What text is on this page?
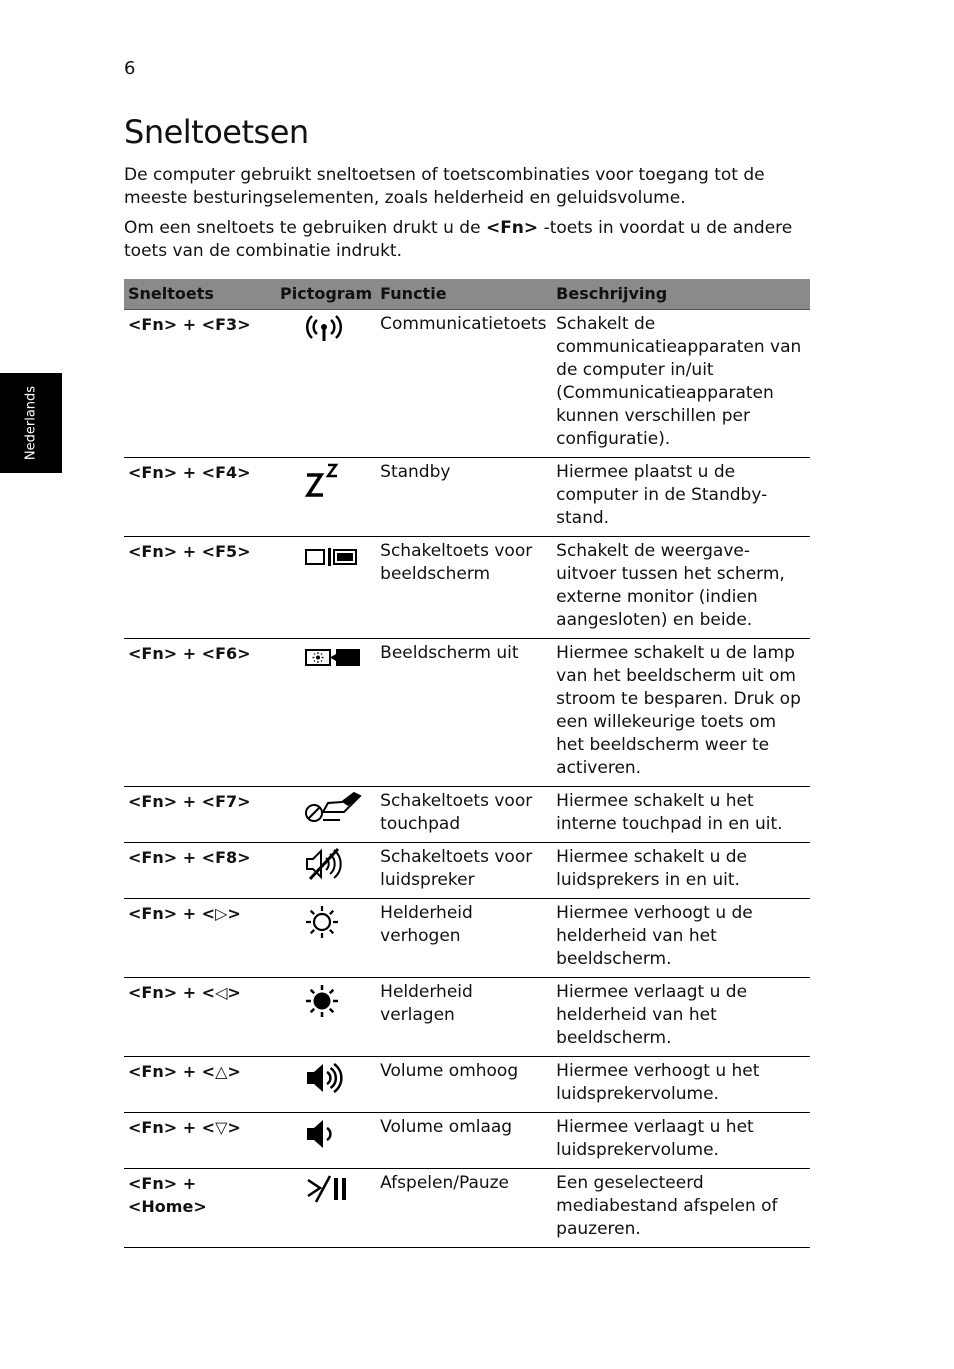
6
Nederlands
Sneltoetsen

De computer gebruikt sneltoetsen of toetscombinaties voor toegang tot de meeste besturingselementen, zoals helderheid en geluidsvolume.

Om een sneltoets te gebruiken drukt u de <Fn> -toets in voordat u de andere toets van de combinatie indrukt.

Sneltoets	Pictogram	Functie	Beschrijving
<Fn> + <F3>		Communicatietoets	Schakelt de communicatieapparaten van de computer in/uit (Communicatieapparaten kunnen verschillen per configuratie).
<Fn> + <F4>		Standby	Hiermee plaatst u de computer in de Standby-stand.
<Fn> + <F5>		Schakeltoets voor beeldscherm	Schakelt de weergave-uitvoer tussen het scherm, externe monitor (indien aangesloten) en beide.
<Fn> + <F6>		Beeldscherm uit	Hiermee schakelt u de lamp van het beeldscherm uit om stroom te besparen. Druk op een willekeurige toets om het beeldscherm weer te activeren.
<Fn> + <F7>		Schakeltoets voor touchpad	Hiermee schakelt u het interne touchpad in en uit.
<Fn> + <F8>		Schakeltoets voor luidspreker	Hiermee schakelt u de luidsprekers in en uit.
<Fn> + <▷>		Helderheid verhogen	Hiermee verhoogt u de helderheid van het beeldscherm.
<Fn> + <◁>		Helderheid verlagen	Hiermee verlaagt u de helderheid van het beeldscherm.
<Fn> + <△>		Volume omhoog	Hiermee verhoogt u het luidsprekervolume.
<Fn> + <▽>		Volume omlaag	Hiermee verlaagt u het luidsprekervolume.
<Fn> + <Home>		Afspelen/Pauze	Een geselecteerd mediabestand afspelen of pauzeren.
